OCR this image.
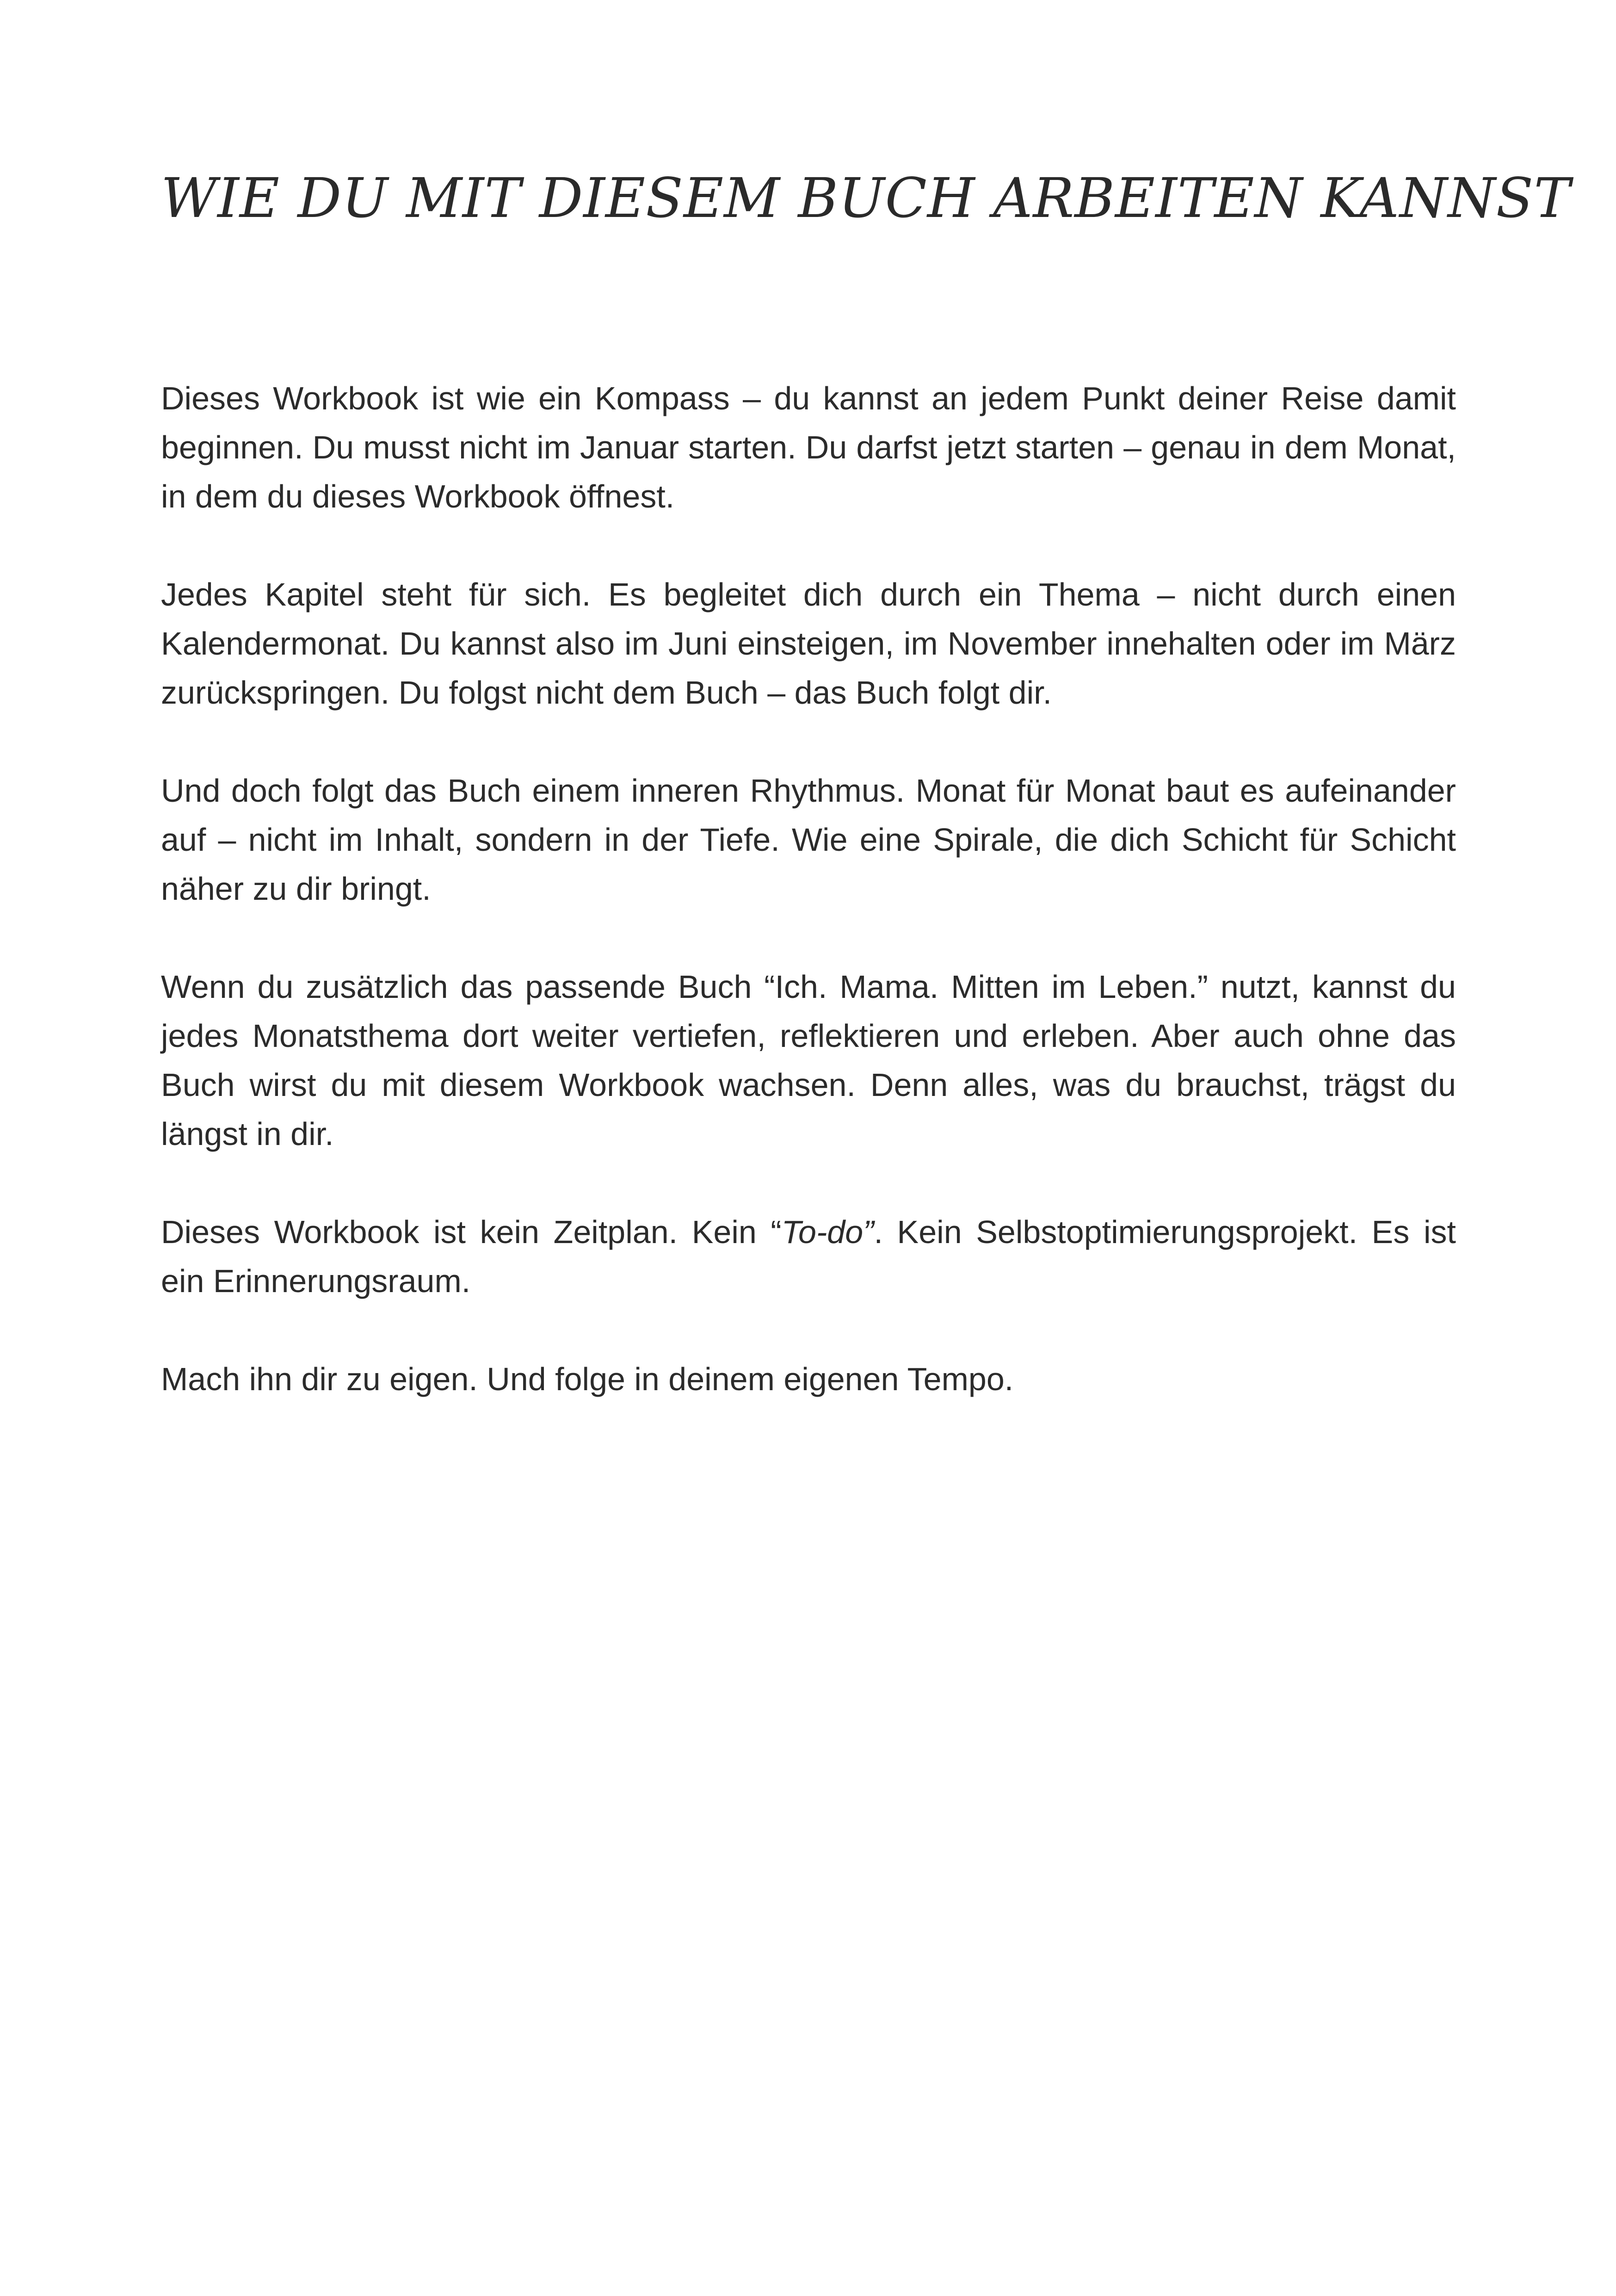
WIE DU MIT DIESEM BUCH ARBEITEN KANNST

Dieses Workbook ist wie ein Kompass – du kannst an jedem Punkt deiner Reise damit beginnen. Du musst nicht im Januar starten. Du darfst jetzt starten – genau in dem Monat, in dem du dieses Workbook öffnest.

Jedes Kapitel steht für sich. Es begleitet dich durch ein Thema – nicht durch einen Kalendermonat. Du kannst also im Juni einsteigen, im November innehalten oder im März zurückspringen. Du folgst nicht dem Buch – das Buch folgt dir.

Und doch folgt das Buch einem inneren Rhythmus. Monat für Monat baut es aufeinander auf – nicht im Inhalt, sondern in der Tiefe. Wie eine Spirale, die dich Schicht für Schicht näher zu dir bringt.

Wenn du zusätzlich das passende Buch “Ich. Mama. Mitten im Leben.” nutzt, kannst du jedes Monatsthema dort weiter vertiefen, reflektieren und erleben. Aber auch ohne das Buch wirst du mit diesem Workbook wachsen. Denn alles, was du brauchst, trägst du längst in dir.

Dieses Workbook ist kein Zeitplan. Kein “To-do”. Kein Selbstoptimierungsprojekt. Es ist ein Erinnerungsraum.

Mach ihn dir zu eigen. Und folge in deinem eigenen Tempo.
